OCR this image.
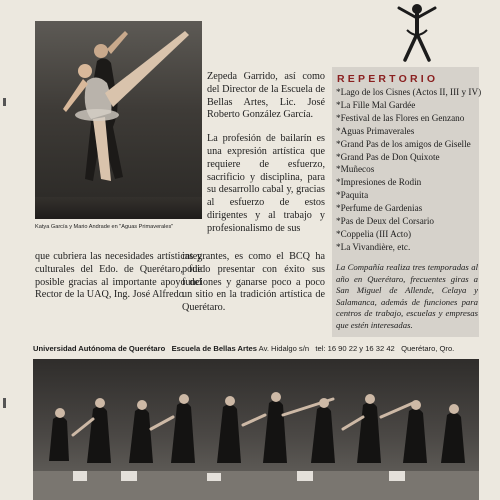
Katya García y Mario Andrade en "Aguas Primaverales"

Zepeda Garrido, así como del Director de la Escuela de Bellas Artes, Lic. José Roberto González García.

La profesión de bailarín es una expresión artística que requiere de esfuerzo, sacrificio y disciplina, para su desarrollo cabal y, gracias al esfuerzo de estos dirigentes y al trabajo y profesionalismo de sus

que cubriera las necesidades artísticas y culturales del Edo. de Querétaro, fue posible gracias al importante apoyo del Rector de la UAQ, Ing. José Alfredo

integrantes, es como el BCQ ha podido presentar con éxito sus funciones y ganarse poco a poco un sitio en la tradición artística de Querétaro.

REPERTORIO
*Lago de los Cisnes (Actos II, III y IV)
*La Fille Mal Gardée
*Festival de las Flores en Genzano
*Aguas Primaverales
*Grand Pas de los amigos de Giselle
*Grand Pas de Don Quixote
*Muñecos
*Impresiones de Rodin
*Paquita
*Perfume de Gardenias
*Pas de Deux del Corsario
*Coppelia (III Acto)
*La Vivandière, etc.
La Compañía realiza tres temporadas al año en Querétaro, frecuentes giras a San Miguel de Allende, Celaya y Salamanca, además de funciones para centros de trabajo, escuelas y empresas que estén interesadas.
Universidad Autónoma de Querétaro Escuela de Bellas Artes Av. Hidalgo s/n tel: 16 90 22 y 16 32 42 Querétaro, Qro.
